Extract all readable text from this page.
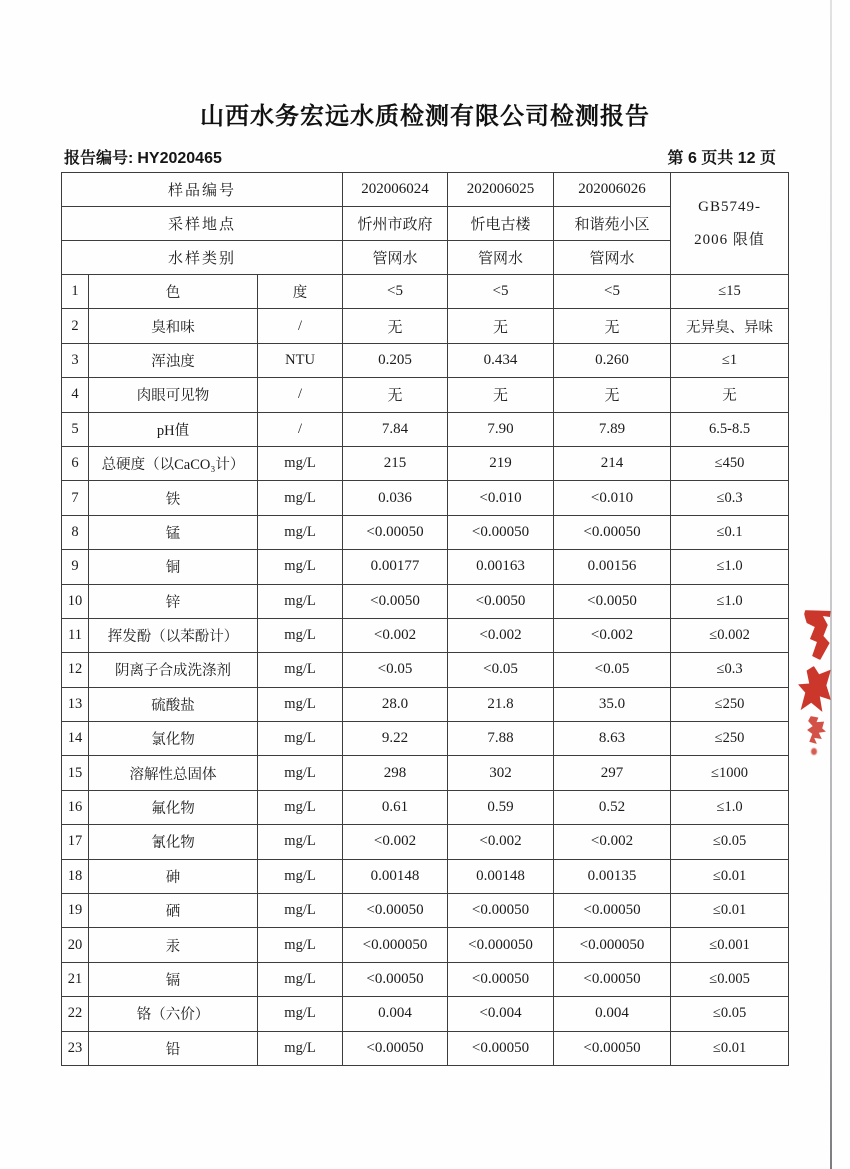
山西水务宏远水质检测有限公司检测报告
报告编号: HY2020465	第 6 页共 12 页
样品编号			202006024	202006025	202006026	GB5749-
2006 限值

采样地点			忻州市政府	忻电古楼	和谐苑小区	
水样类别			管网水	管网水	管网水	
1	色	度	<5	<5	<5	≤15
2	臭和味	/	无	无	无	无异臭、异味
3	浑浊度	NTU	0.205	0.434	0.260	≤1
4	肉眼可见物	/	无	无	无	无
5	pH值	/	7.84	7.90	7.89	6.5-8.5
6	总硬度（以CaCO₃计）	mg/L	215	219	214	≤450
7	铁	mg/L	0.036	<0.010	<0.010	≤0.3
8	锰	mg/L	<0.00050	<0.00050	<0.00050	≤0.1
9	铜	mg/L	0.00177	0.00163	0.00156	≤1.0
10	锌	mg/L	<0.0050	<0.0050	<0.0050	≤1.0
11	挥发酚（以苯酚计）	mg/L	<0.002	<0.002	<0.002	≤0.002
12	阴离子合成洗涤剂	mg/L	<0.05	<0.05	<0.05	≤0.3
13	硫酸盐	mg/L	28.0	21.8	35.0	≤250
14	氯化物	mg/L	9.22	7.88	8.63	≤250
15	溶解性总固体	mg/L	298	302	297	≤1000
16	氟化物	mg/L	0.61	0.59	0.52	≤1.0
17	氰化物	mg/L	<0.002	<0.002	<0.002	≤0.05
18	砷	mg/L	0.00148	0.00148	0.00135	≤0.01
19	硒	mg/L	<0.00050	<0.00050	<0.00050	≤0.01
20	汞	mg/L	<0.000050	<0.000050	<0.000050	≤0.001
21	镉	mg/L	<0.00050	<0.00050	<0.00050	≤0.005
22	铬（六价）	mg/L	0.004	<0.004	0.004	≤0.05
23	铅	mg/L	<0.00050	<0.00050	<0.00050	≤0.01
